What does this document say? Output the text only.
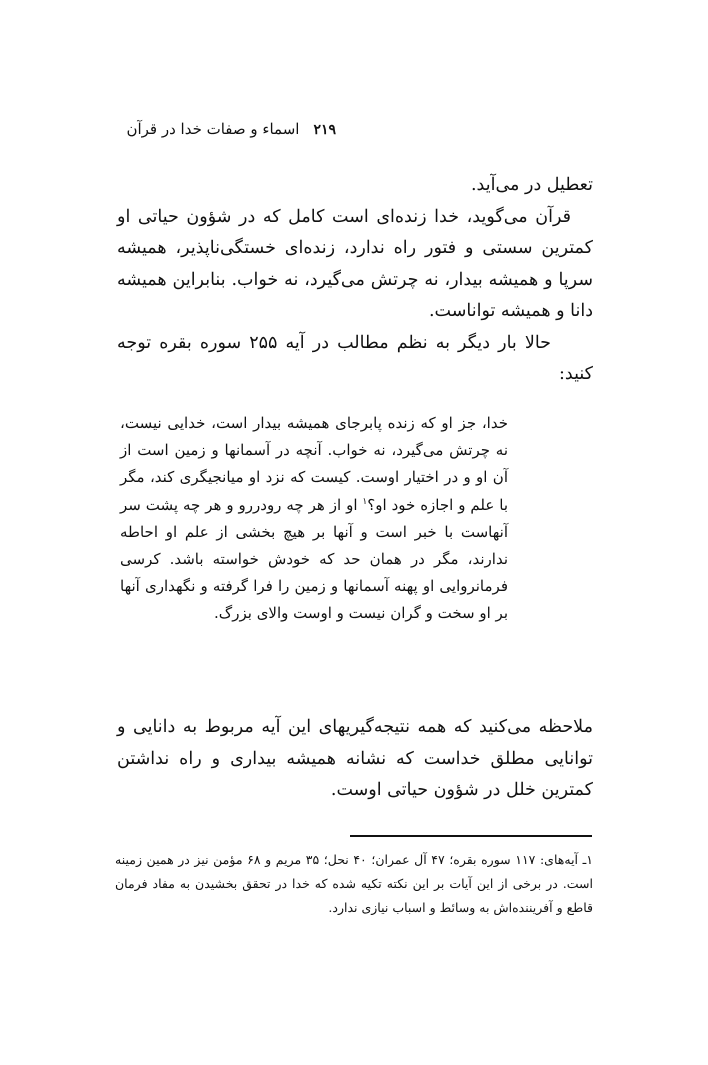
۲۱۹
اسماء و صفات خدا در قرآن

تعطیل در می‌آید.

قرآن می‌گوید، خدا زنده‌ای است کامل که در شؤون حیاتی او کمترین سستی و فتور راه ندارد، زنده‌ای خستگی‌ناپذیر، همیشه سرپا و همیشه بیدار، نه چرتش می‌گیرد، نه خواب. بنابراین همیشه دانا و همیشه تواناست.

حالا بار دیگر به نظم مطالب در آیه ۲۵۵ سوره بقره توجه کنید:

خدا، جز او که زنده پابرجای همیشه بیدار است، خدایی نیست، نه چرتش می‌گیرد، نه خواب. آنچه در آسمانها و زمین است از آن او و در اختیار اوست. کیست که نزد او میانجیگری کند، مگر با علم و اجازه خود او؟$^۱$ او از هر چه رودررو و هر چه پشت سر آنهاست با خبر است و آنها بر هیچ بخشی از علم او احاطه ندارند، مگر در همان حد که خودش خواسته باشد. کرسی فرمانروایی او پهنه آسمانها و زمین را فرا گرفته و نگهداری آنها بر او سخت و گران نیست و اوست والای بزرگ.

ملاحظه می‌کنید که همه نتیجه‌گیریهای این آیه مربوط به دانایی و توانایی مطلق خداست که نشانه همیشه بیداری و راه نداشتن کمترین خلل در شؤون حیاتی اوست.

۱ـ آیه‌های: ۱۱۷ سوره بقره؛ ۴۷ آل عمران؛ ۴۰ نحل؛ ۳۵ مریم و ۶۸ مؤمن نیز در همین زمینه است. در برخی از این آیات بر این نکته تکیه شده که خدا در تحقق بخشیدن به مفاد فرمان قاطع و آفریننده‌اش به وسائط و اسباب نیازی ندارد.
